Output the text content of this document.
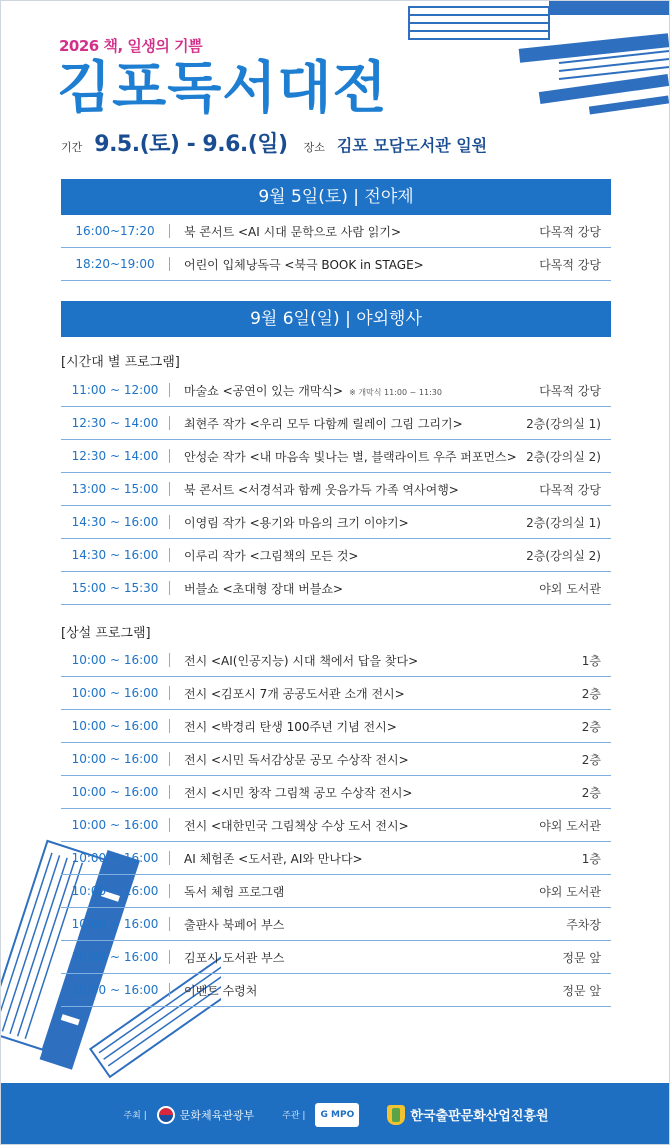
2026 책, 일생의 기쁨
김포독서대전
기간 9.5.(토) - 9.6.(일) 장소 김포 모담도서관 일원
9월 5일(토) | 전야제
16:00~17:20	북 콘서트 <AI 시대 문학으로 사람 읽기>	다목적 강당
18:20~19:00	어린이 입체낭독극 <북극 BOOK in STAGE>	다목적 강당
9월 6일(일) | 야외행사
[시간대 별 프로그램]
11:00 ~ 12:00	마술쇼 <공연이 있는 개막식> ※ 개막식 11:00 ~ 11:30	다목적 강당
12:30 ~ 14:00	최현주 작가 <우리 모두 다함께 릴레이 그림 그리기>	2층(강의실 1)
12:30 ~ 14:00	안성순 작가 <내 마음속 빛나는 별, 블랙라이트 우주 퍼포먼스> 2층(강의실 2)
13:00 ~ 15:00	북 콘서트 <서경석과 함께 웃음가득 가족 역사여행>	다목적 강당
14:30 ~ 16:00	이영림 작가 <용기와 마음의 크기 이야기>	2층(강의실 1)
14:30 ~ 16:00	이루리 작가 <그림책의 모든 것>	2층(강의실 2)
15:00 ~ 15:30	버블쇼 <초대형 장대 버블쇼>	야외 도서관
[상설 프로그램]
10:00 ~ 16:00	전시 <AI(인공지능) 시대 책에서 답을 찾다>	1층
10:00 ~ 16:00	전시 <김포시 7개 공공도서관 소개 전시>	2층
10:00 ~ 16:00	전시 <박경리 탄생 100주년 기념 전시>	2층
10:00 ~ 16:00	전시 <시민 독서감상문 공모 수상작 전시>	2층
10:00 ~ 16:00	전시 <시민 창작 그림책 공모 수상작 전시>	2층
10:00 ~ 16:00	전시 <대한민국 그림책상 수상 도서 전시>	야외 도서관
10:00 ~ 16:00	AI 체험존 <도서관, AI와 만나다>	1층
10:00 ~ 16:00	독서 체험 프로그램	야외 도서관
10:00 ~ 16:00	출판사 북페어 부스	주차장
10:00 ~ 16:00	김포시 도서관 부스	정문 앞
10:00 ~ 16:00	이벤트 수령처	정문 앞
주최 |	문화체육관광부	주관 |	G MPO	한국출판문화산업진흥원
